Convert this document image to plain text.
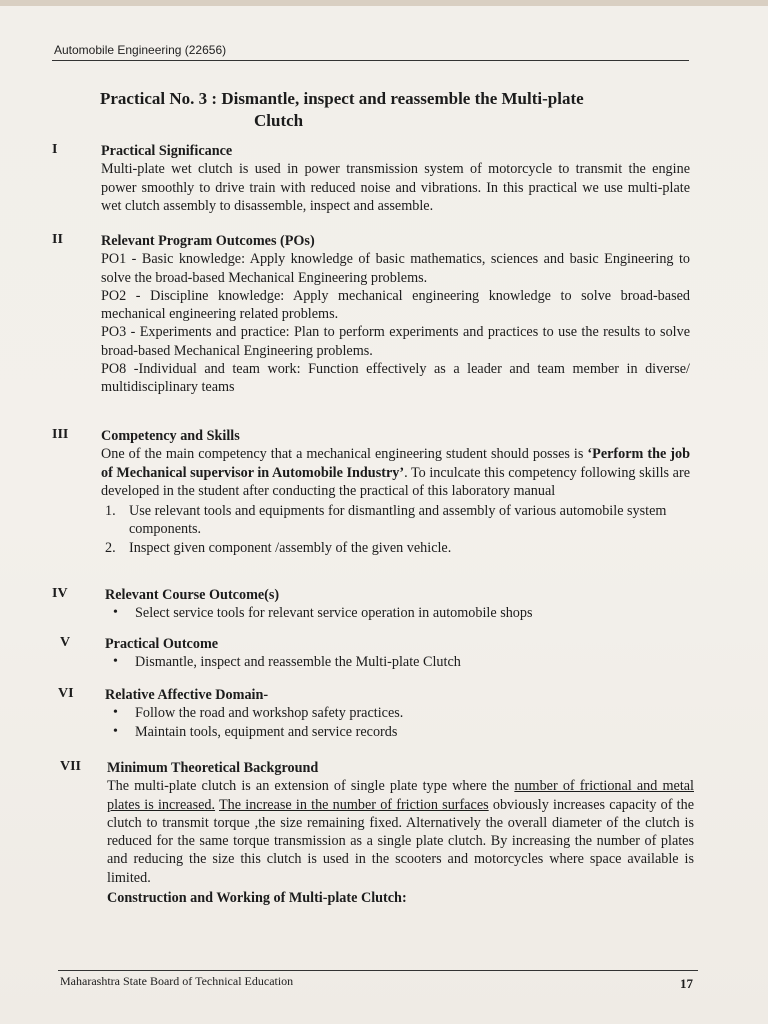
Automobile Engineering (22656)
Practical No. 3 : Dismantle, inspect and reassemble the Multi-plate
Clutch
I	Practical Significance
Multi-plate wet clutch is used in power transmission system of motorcycle to transmit the engine power smoothly to drive train with reduced noise and vibrations. In this practical we use multi-plate wet clutch assembly to disassemble, inspect and assemble.
II	Relevant Program Outcomes (POs)
PO1 - Basic knowledge: Apply knowledge of basic mathematics, sciences and basic Engineering to solve the broad-based Mechanical Engineering problems.
PO2 - Discipline knowledge: Apply mechanical engineering knowledge to solve broad-based mechanical engineering related problems.
PO3 - Experiments and practice: Plan to perform experiments and practices to use the results to solve broad-based Mechanical Engineering problems.
PO8 -Individual and team work: Function effectively as a leader and team member in diverse/ multidisciplinary teams
III Competency and Skills
One of the main competency that a mechanical engineering student should posses is ‘Perform the job of Mechanical supervisor in Automobile Industry’. To inculcate this competency following skills are developed in the student after conducting the practical of this laboratory manual
1. Use relevant tools and equipments for dismantling and assembly of various automobile system components.
2. Inspect given component /assembly of the given vehicle.
IV	Relevant Course Outcome(s)
• Select service tools for relevant service operation in automobile shops
V Practical Outcome
• Dismantle, inspect and reassemble the Multi-plate Clutch
VI Relative Affective Domain-
• Follow the road and workshop safety practices.
• Maintain tools, equipment and service records
VII Minimum Theoretical Background
The multi-plate clutch is an extension of single plate type where the number of frictional and metal plates is increased. The increase in the number of friction surfaces obviously increases capacity of the clutch to transmit torque ,the size remaining fixed. Alternatively the overall diameter of the clutch is reduced for the same torque transmission as a single plate clutch. By increasing the number of plates and reducing the size this clutch is used in the scooters and motorcycles where space available is limited.
Construction and Working of Multi-plate Clutch:
Maharashtra State Board of Technical Education	17
